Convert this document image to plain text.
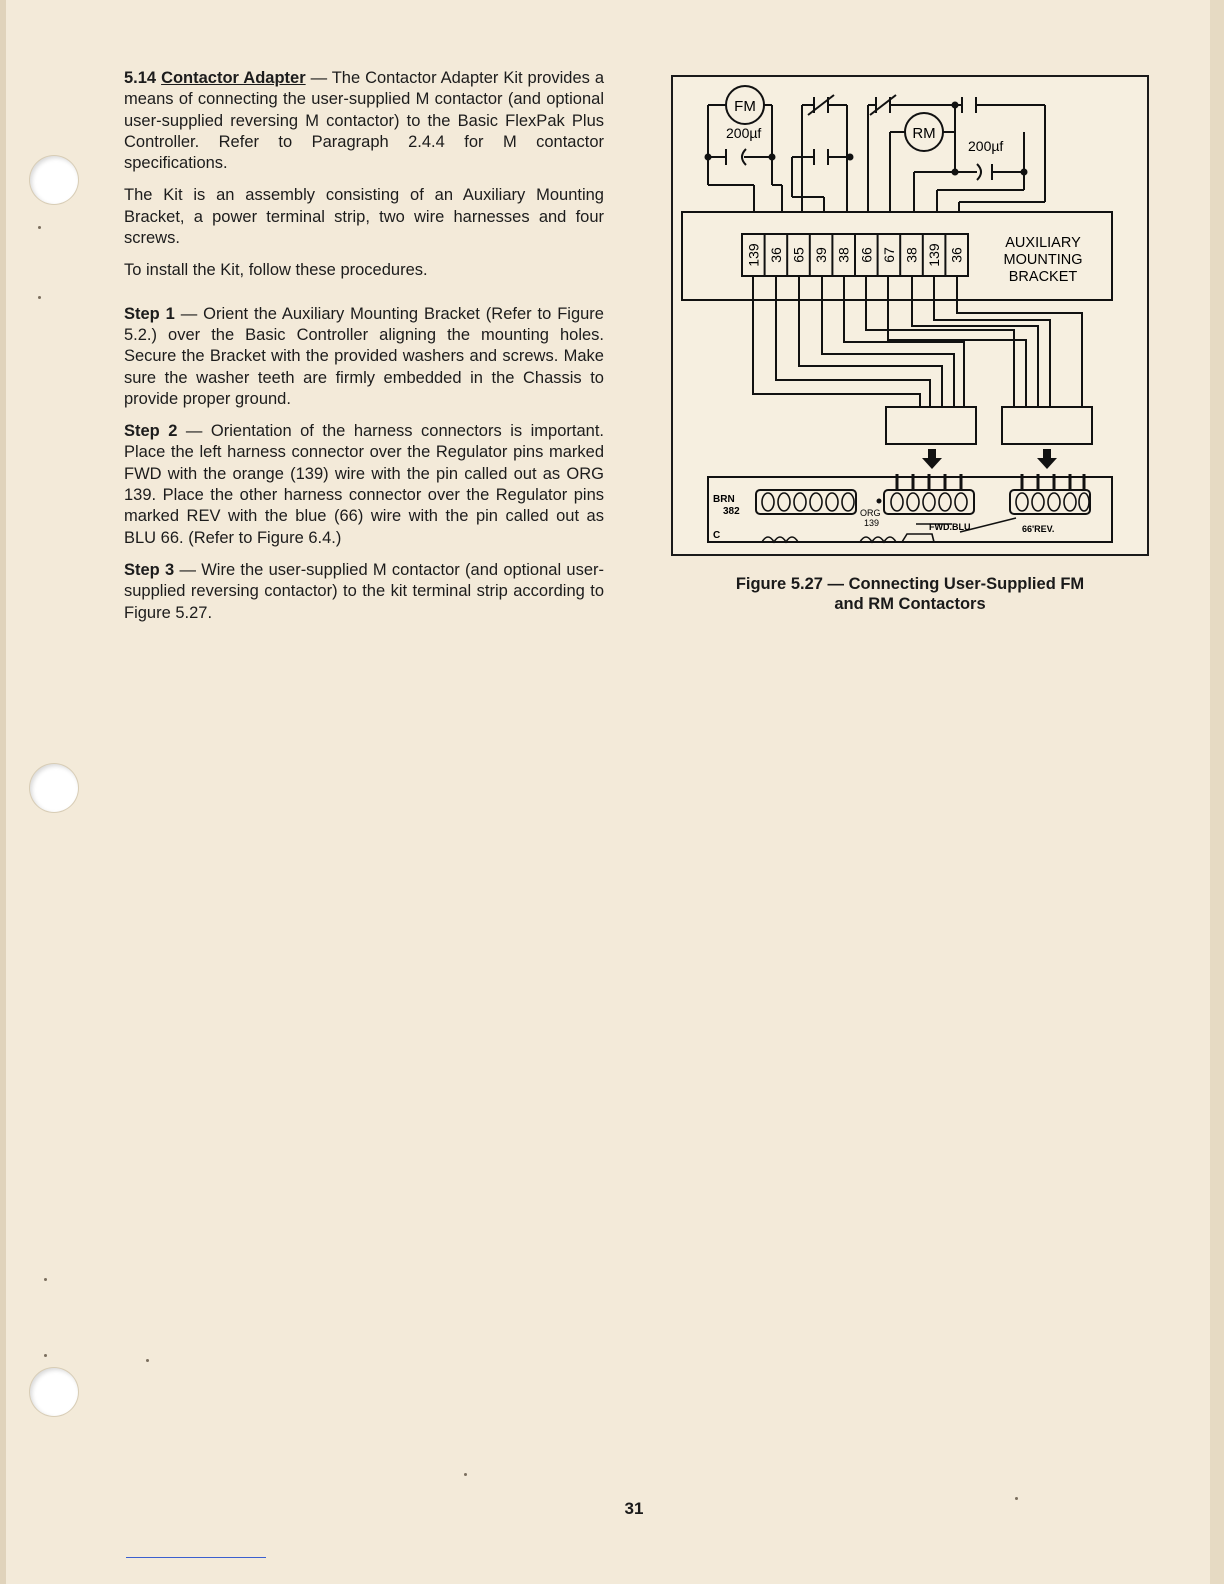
5.14 Contactor Adapter — The Contactor Adapter Kit provides a means of connecting the user-supplied M contactor (and optional user-supplied reversing M contactor) to the Basic FlexPak Plus Controller. Refer to Paragraph 2.4.4 for M contactor specifications.

The Kit is an assembly consisting of an Auxiliary Mounting Bracket, a power terminal strip, two wire harnesses and four screws.

To install the Kit, follow these procedures.

Step 1 — Orient the Auxiliary Mounting Bracket (Refer to Figure 5.2.) over the Basic Controller aligning the mounting holes. Secure the Bracket with the provided washers and screws. Make sure the washer teeth are firmly embedded in the Chassis to provide proper ground.

Step 2 — Orientation of the harness connectors is important. Place the left harness connector over the Regulator pins marked FWD with the orange (139) wire with the pin called out as ORG 139. Place the other harness connector over the Regulator pins marked REV with the blue (66) wire with the pin called out as BLU 66. (Refer to Figure 6.4.)

Step 3 — Wire the user-supplied M contactor (and optional user-supplied reversing contactor) to the kit terminal strip according to Figure 5.27.

139 36 65 39 38 66 67 38 139 36
FM
RM
200µf
200µf
AUXILIARY
MOUNTING
BRACKET
BRN
382
C
ORG
139	FWD.BLU	66'REV.
Figure 5.27 — Connecting User-Supplied FM
and RM Contactors
31
